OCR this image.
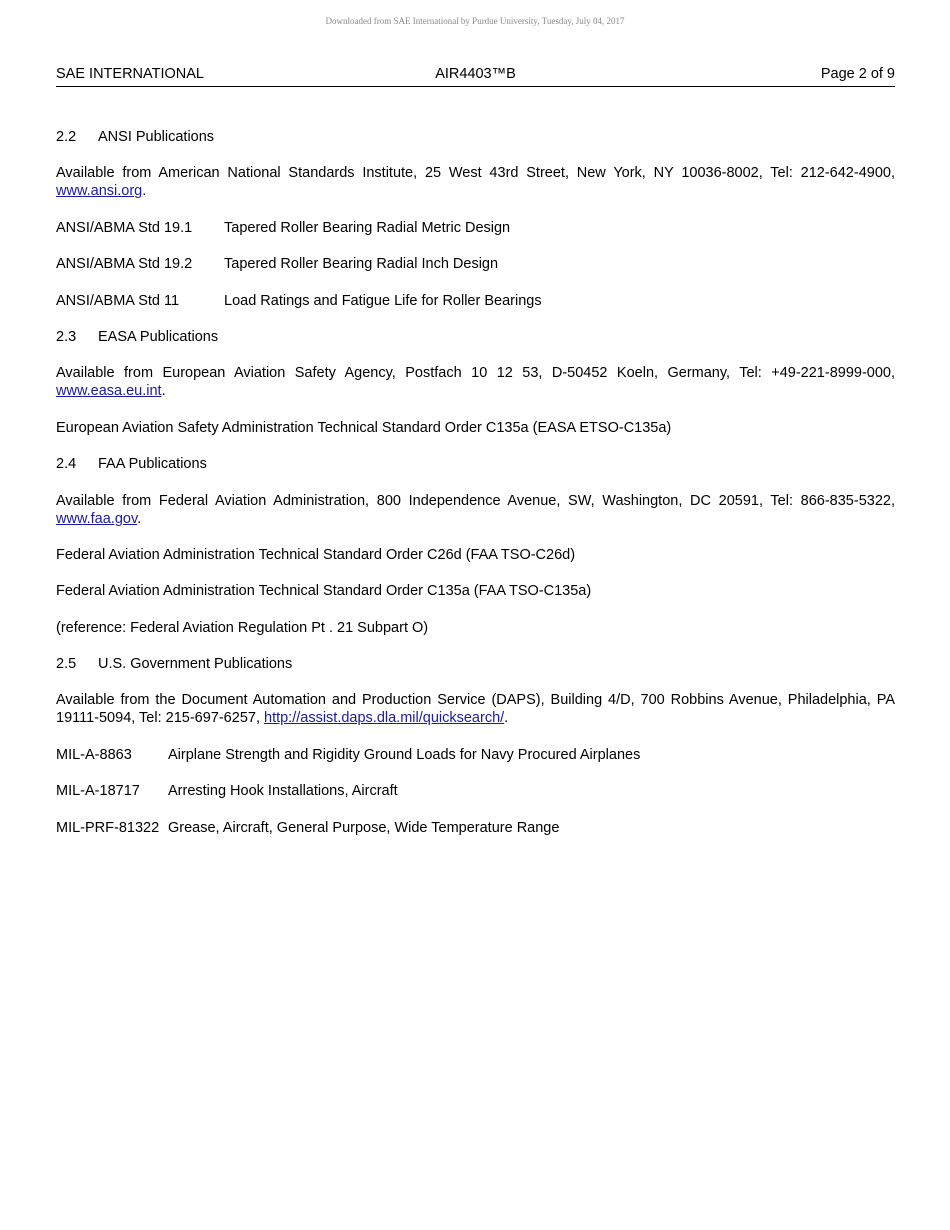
Downloaded from SAE International by Purdue University, Tuesday, July 04, 2017
SAE INTERNATIONAL	AIR4403™B	Page 2 of 9
2.2 ANSI Publications
Available from American National Standards Institute, 25 West 43rd Street, New York, NY 10036-8002, Tel: 212-642-4900, www.ansi.org.
ANSI/ABMA Std 19.1 Tapered Roller Bearing Radial Metric Design
ANSI/ABMA Std 19.2 Tapered Roller Bearing Radial Inch Design
ANSI/ABMA Std 11	Load Ratings and Fatigue Life for Roller Bearings
2.3 EASA Publications
Available from European Aviation Safety Agency, Postfach 10 12 53, D-50452 Koeln, Germany, Tel: +49-221-8999-000, www.easa.eu.int.
European Aviation Safety Administration Technical Standard Order C135a (EASA ETSO-C135a)
2.4 FAA Publications
Available from Federal Aviation Administration, 800 Independence Avenue, SW, Washington, DC 20591, Tel: 866-835-5322, www.faa.gov.
Federal Aviation Administration Technical Standard Order C26d (FAA TSO-C26d)
Federal Aviation Administration Technical Standard Order C135a (FAA TSO-C135a)
(reference: Federal Aviation Regulation Pt . 21 Subpart O)
2.5 U.S. Government Publications
Available from the Document Automation and Production Service (DAPS), Building 4/D, 700 Robbins Avenue, Philadelphia, PA 19111-5094, Tel: 215-697-6257, http://assist.daps.dla.mil/quicksearch/.
MIL-A-8863 Airplane Strength and Rigidity Ground Loads for Navy Procured Airplanes
MIL-A-18717 Arresting Hook Installations, Aircraft
MIL-PRF-81322 Grease, Aircraft, General Purpose, Wide Temperature Range
